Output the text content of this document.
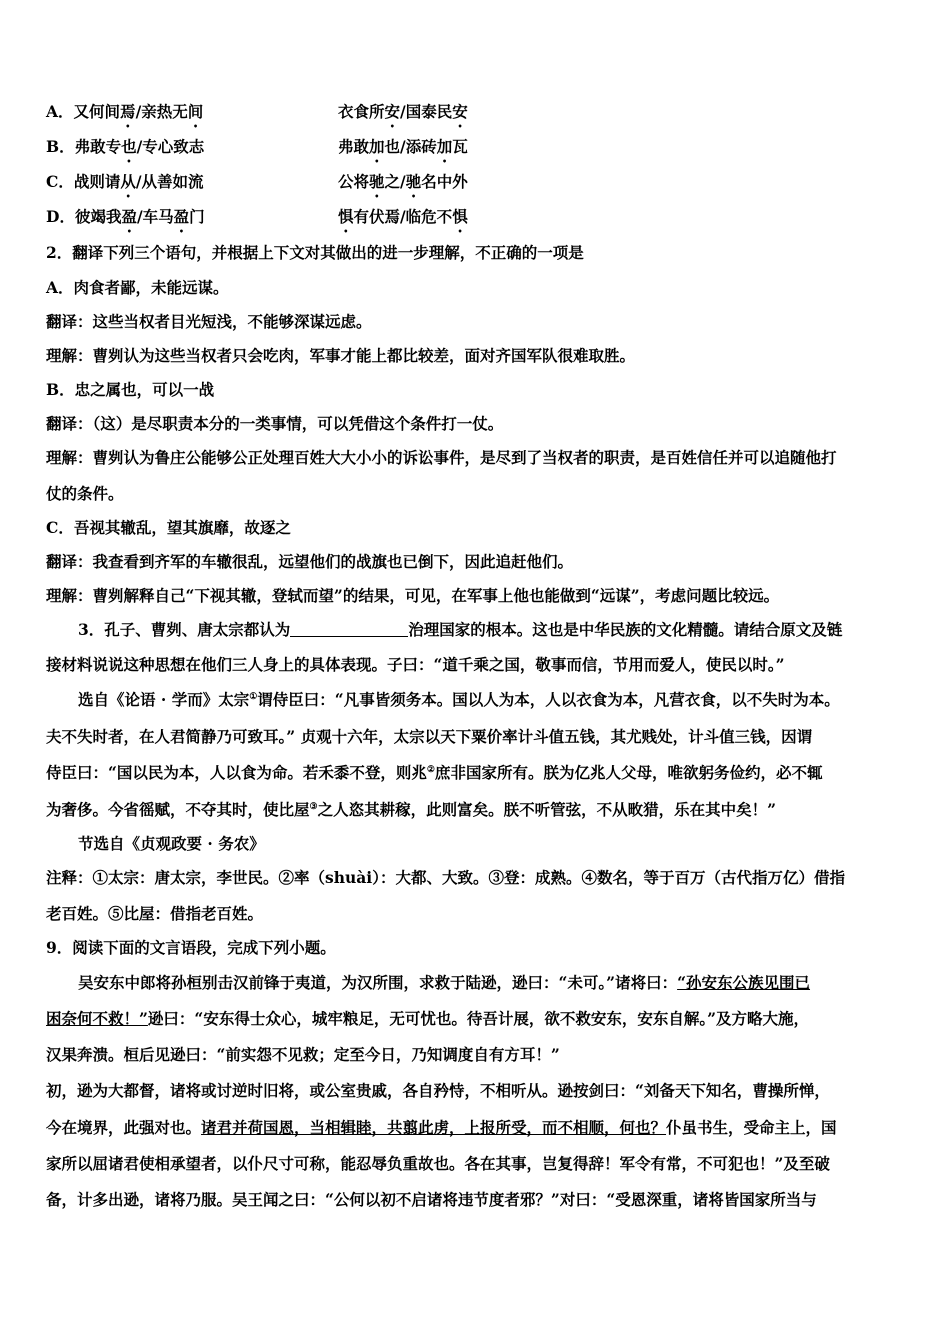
A．又何间焉/亲热无间	衣食所安/国泰民安
B．弗敢专也/专心致志	弗敢加也/添砖加瓦
C．战则请从/从善如流	公将驰之/驰名中外
D．彼竭我盈/车马盈门	惧有伏焉/临危不惧
2．翻译下列三个语句，并根据上下文对其做出的进一步理解，不正确的一项是
A．肉食者鄙，未能远谋。
翻译：这些当权者目光短浅，不能够深谋远虑。
理解：曹刿认为这些当权者只会吃肉，军事才能上都比较差，面对齐国军队很难取胜。
B．忠之属也，可以一战
翻译：（这）是尽职责本分的一类事情，可以凭借这个条件打一仗。
理解：曹刿认为鲁庄公能够公正处理百姓大大小小的诉讼事件，是尽到了当权者的职责，是百姓信任并可以追随他打
仗的条件。
C．吾视其辙乱，望其旗靡，故逐之
翻译：我查看到齐军的车辙很乱，远望他们的战旗也已倒下，因此追赶他们。
理解：曹刿解释自己“下视其辙，登轼而望”的结果，可见，在军事上他也能做到“远谋”，考虑问题比较远。
3．孔子、曹刿、唐太宗都认为	治理国家的根本。这也是中华民族的文化精髓。请结合原文及链
接材料说说这种思想在他们三人身上的具体表现。子曰：“道千乘之国，敬事而信，节用而爱人，使民以时。”
选自《论语 · 学而》太宗①谓侍臣曰：“凡事皆须务本。国以人为本，人以衣食为本，凡营衣食，以不失时为本。
夫不失时者，在人君简静乃可致耳。” 贞观十六年，太宗以天下粟价率计斗值五钱，其尤贱处，计斗值三钱，因谓
侍臣曰：“国以民为本，人以食为命。若禾黍不登，则兆②庶非国家所有。朕为亿兆人父母，唯欲躬务俭约，必不辄
为奢侈。今省徭赋，不夺其时，使比屋③之人恣其耕稼，此则富矣。朕不听管弦，不从畋猎，乐在其中矣！”
节选自《贞观政要 · 务农》
注释：①太宗：唐太宗，李世民。②率（shuài）：大都、大致。③登：成熟。④数名，等于百万（古代指万亿）借指
老百姓。⑤比屋：借指老百姓。
9．阅读下面的文言语段，完成下列小题。
吴安东中郎将孙桓别击汉前锋于夷道，为汉所围，求救于陆逊，逊曰：“未可。”诸将曰：“孙安东公族见围已
困奈何不救！”逊曰：“安东得士众心，城牢粮足，无可忧也。待吾计展，欲不救安东，安东自解。”及方略大施，
汉果奔溃。桓后见逊曰：“前实怨不见救；定至今日，乃知调度自有方耳！”
初，逊为大都督，诸将或讨逆时旧将，或公室贵戚，各自矜恃，不相听从。逊按剑曰：“刘备天下知名，曹操所惮，
今在境界，此强对也。诸君并荷国恩，当相辑睦，共翦此虏，上报所受，而不相顺，何也？仆虽书生，受命主上，国
家所以屈诸君使相承望者，以仆尺寸可称，能忍辱负重故也。各在其事，岂复得辞！军令有常，不可犯也！”及至破
备，计多出逊，诸将乃服。吴王闻之曰：“公何以初不启诸将违节度者邪？”对曰：“受恩深重，诸将皆国家所当与
